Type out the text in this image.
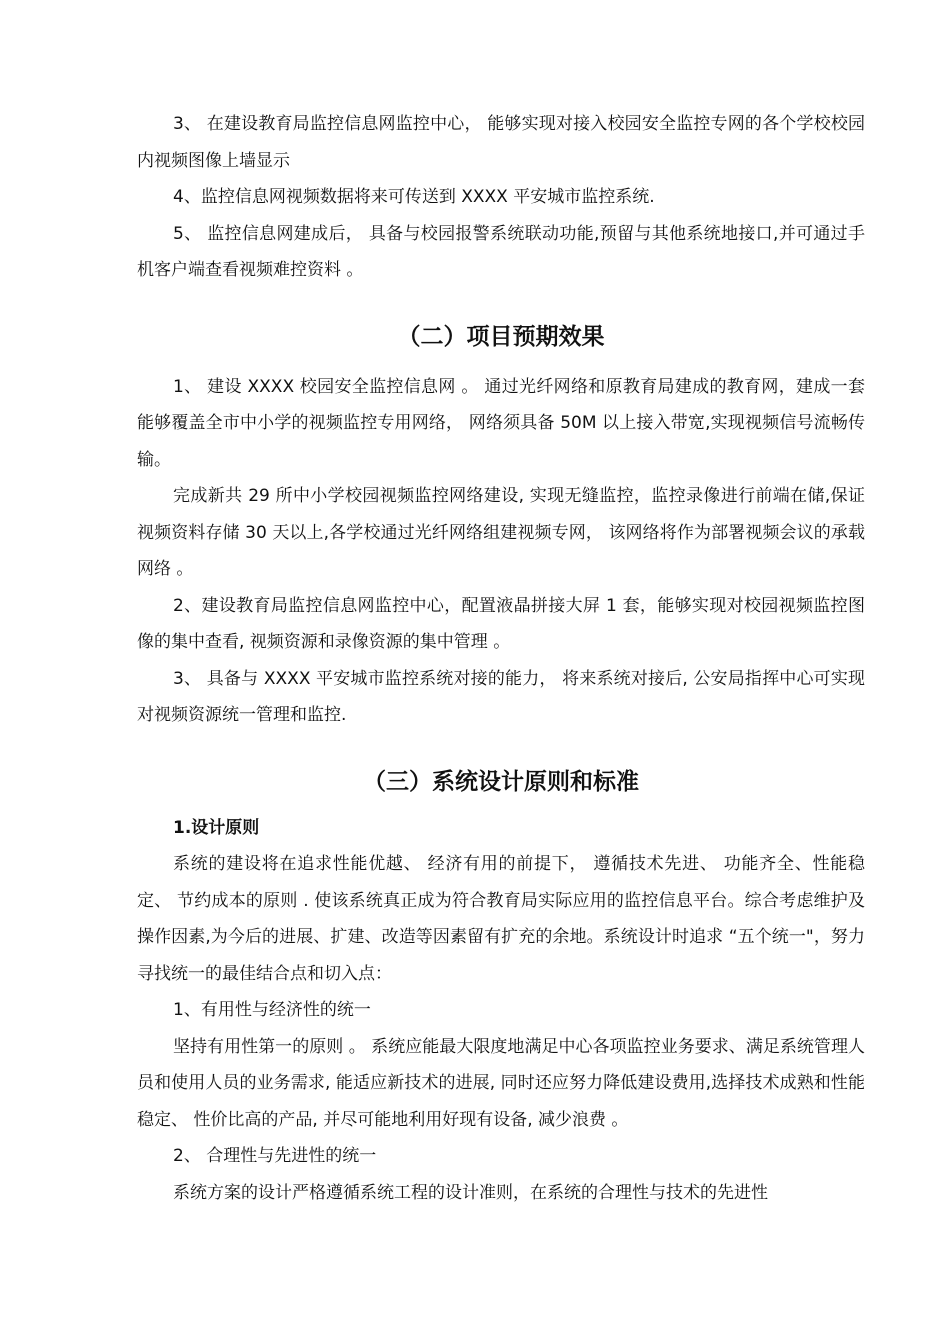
3、 在建设教育局监控信息网监控中心， 能够实现对接入校园安全监控专网的各个学校校园内视频图像上墙显示

4、监控信息网视频数据将来可传送到 XXXX 平安城市监控系统.

5、 监控信息网建成后， 具备与校园报警系统联动功能,预留与其他系统地接口,并可通过手机客户端查看视频难控资料 。

（二）项目预期效果

1、 建设 XXXX 校园安全监控信息网 。 通过光纤网络和原教育局建成的教育网，建成一套能够覆盖全市中小学的视频监控专用网络， 网络须具备 50M 以上接入带宽,实现视频信号流畅传输。

完成新共 29 所中小学校园视频监控网络建设, 实现无缝监控，监控录像进行前端在储,保证视频资料存储 30 天以上,各学校通过光纤网络组建视频专网， 该网络将作为部署视频会议的承载网络 。

2、建设教育局监控信息网监控中心，配置液晶拼接大屏 1 套，能够实现对校园视频监控图像的集中查看, 视频资源和录像资源的集中管理 。

3、 具备与 XXXX 平安城市监控系统对接的能力， 将来系统对接后, 公安局指挥中心可实现对视频资源统一管理和监控.

（三）系统设计原则和标准

1.设计原则

系统的建设将在追求性能优越、 经济有用的前提下， 遵循技术先进、 功能齐全、性能稳定、 节约成本的原则 . 使该系统真正成为符合教育局实际应用的监控信息平台。综合考虑维护及操作因素,为今后的进展、扩建、改造等因素留有扩充的余地。系统设计时追求 “五个统一"，努力寻找统一的最佳结合点和切入点：

1、有用性与经济性的统一

坚持有用性第一的原则 。 系统应能最大限度地满足中心各项监控业务要求、满足系统管理人员和使用人员的业务需求, 能适应新技术的进展, 同时还应努力降低建设费用,选择技术成熟和性能稳定、 性价比高的产品, 并尽可能地利用好现有设备, 减少浪费 。

2、 合理性与先进性的统一

系统方案的设计严格遵循系统工程的设计准则，在系统的合理性与技术的先进性
